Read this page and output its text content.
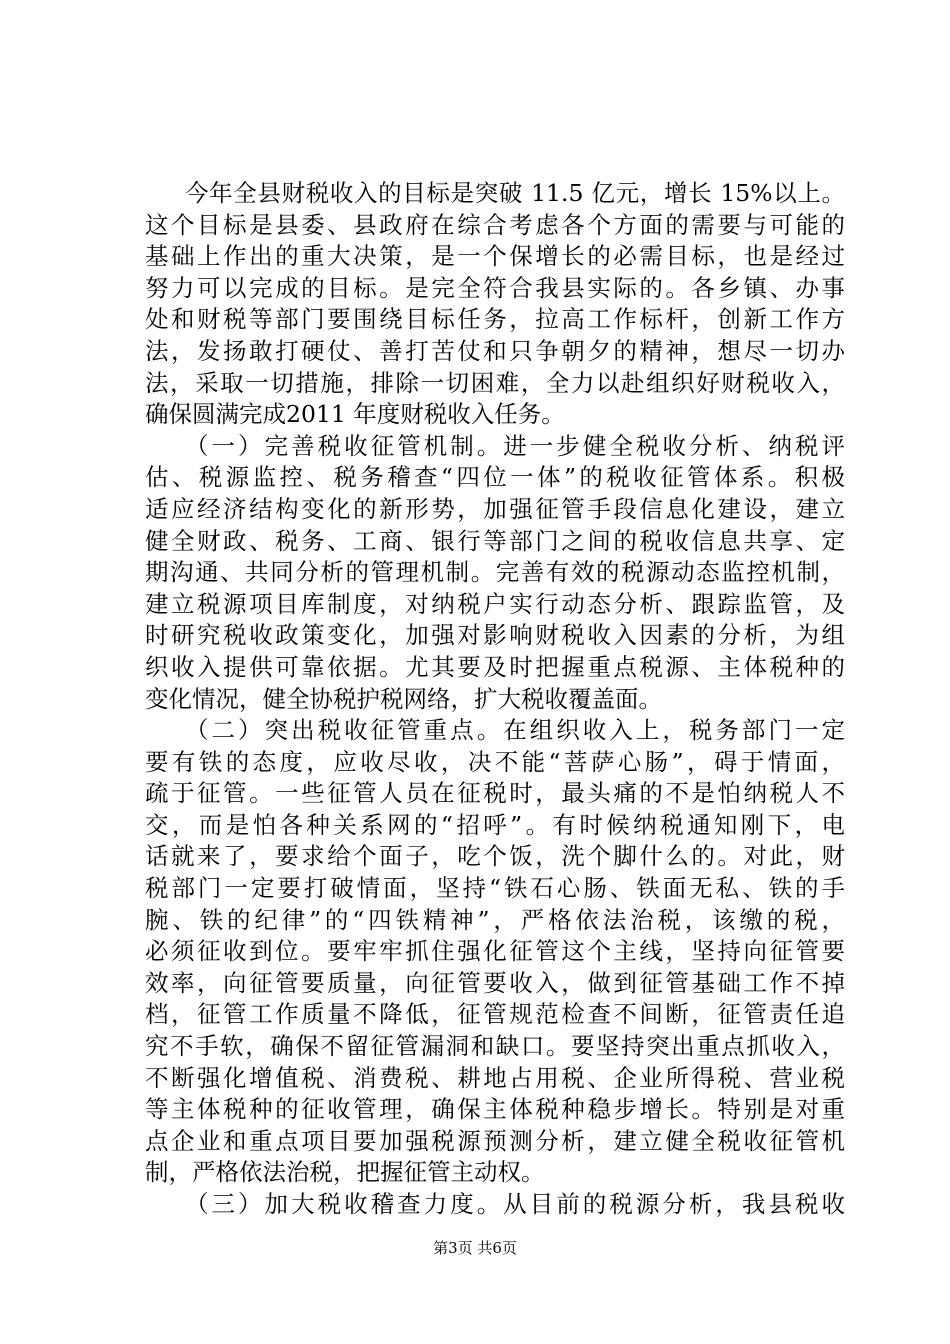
今年全县财税收入的目标是突破 11.5 亿元，增长 15%以上。
这个目标是县委、县政府在综合考虑各个方面的需要与可能的
基础上作出的重大决策，是一个保增长的必需目标，也是经过
努力可以完成的目标。是完全符合我县实际的。各乡镇、办事
处和财税等部门要围绕目标任务，拉高工作标杆，创新工作方
法，发扬敢打硬仗、善打苦仗和只争朝夕的精神，想尽一切办
法，采取一切措施，排除一切困难，全力以赴组织好财税收入，
确保圆满完成2011 年度财税收入任务。
（一）完善税收征管机制。进一步健全税收分析、纳税评
估、税源监控、税务稽查“四位一体”的税收征管体系。积极
适应经济结构变化的新形势，加强征管手段信息化建设，建立
健全财政、税务、工商、银行等部门之间的税收信息共享、定
期沟通、共同分析的管理机制。完善有效的税源动态监控机制，
建立税源项目库制度，对纳税户实行动态分析、跟踪监管，及
时研究税收政策变化，加强对影响财税收入因素的分析，为组
织收入提供可靠依据。尤其要及时把握重点税源、主体税种的
变化情况，健全协税护税网络，扩大税收覆盖面。
（二）突出税收征管重点。在组织收入上，税务部门一定
要有铁的态度，应收尽收，决不能“菩萨心肠”，碍于情面，
疏于征管。一些征管人员在征税时，最头痛的不是怕纳税人不
交，而是怕各种关系网的“招呼”。有时候纳税通知刚下，电
话就来了，要求给个面子，吃个饭，洗个脚什么的。对此，财
税部门一定要打破情面，坚持“铁石心肠、铁面无私、铁的手
腕、铁的纪律”的“四铁精神”，严格依法治税，该缴的税，
必须征收到位。要牢牢抓住强化征管这个主线，坚持向征管要
效率，向征管要质量，向征管要收入，做到征管基础工作不掉
档，征管工作质量不降低，征管规范检查不间断，征管责任追
究不手软，确保不留征管漏洞和缺口。要坚持突出重点抓收入，
不断强化增值税、消费税、耕地占用税、企业所得税、营业税
等主体税种的征收管理，确保主体税种稳步增长。特别是对重
点企业和重点项目要加强税源预测分析，建立健全税收征管机
制，严格依法治税，把握征管主动权。
（三）加大税收稽查力度。从目前的税源分析，我县税收
第3页 共6页
